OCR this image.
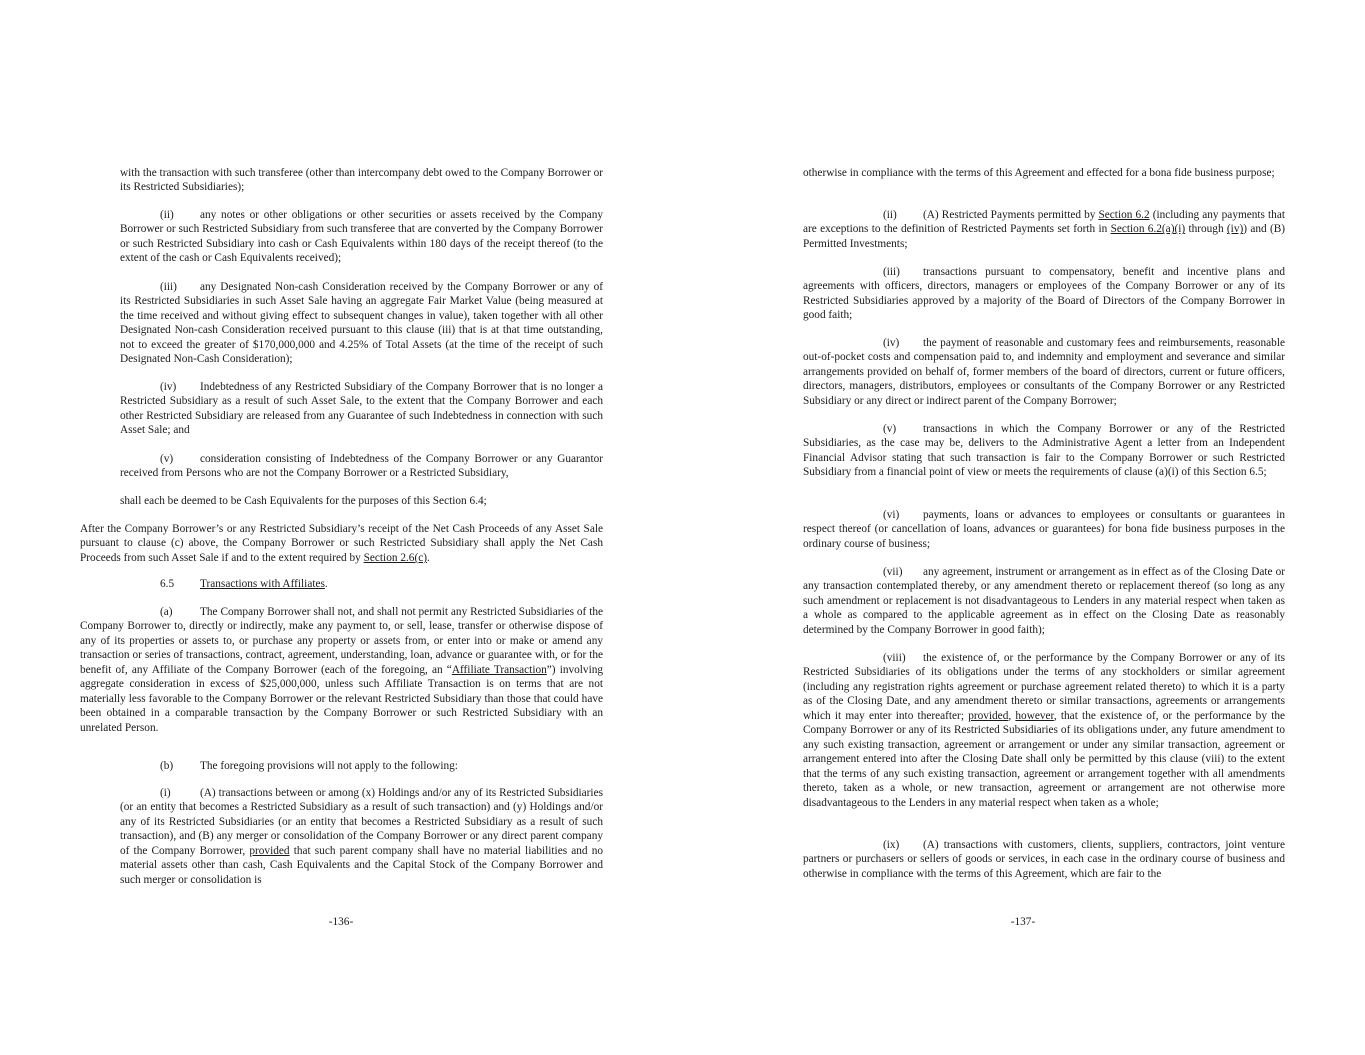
with the transaction with such transferee (other than intercompany debt owed to the Company Borrower or its Restricted Subsidiaries);

(ii) any notes or other obligations or other securities or assets received by the Company Borrower or such Restricted Subsidiary from such transferee that are converted by the Company Borrower or such Restricted Subsidiary into cash or Cash Equivalents within 180 days of the receipt thereof (to the extent of the cash or Cash Equivalents received);

(iii) any Designated Non-cash Consideration received by the Company Borrower or any of its Restricted Subsidiaries in such Asset Sale having an aggregate Fair Market Value (being measured at the time received and without giving effect to subsequent changes in value), taken together with all other Designated Non-cash Consideration received pursuant to this clause (iii) that is at that time outstanding, not to exceed the greater of $170,000,000 and 4.25% of Total Assets (at the time of the receipt of such Designated Non-Cash Consideration);

(iv) Indebtedness of any Restricted Subsidiary of the Company Borrower that is no longer a Restricted Subsidiary as a result of such Asset Sale, to the extent that the Company Borrower and each other Restricted Subsidiary are released from any Guarantee of such Indebtedness in connection with such Asset Sale; and

(v) consideration consisting of Indebtedness of the Company Borrower or any Guarantor received from Persons who are not the Company Borrower or a Restricted Subsidiary,

shall each be deemed to be Cash Equivalents for the purposes of this Section 6.4;

After the Company Borrower’s or any Restricted Subsidiary’s receipt of the Net Cash Proceeds of any Asset Sale pursuant to clause (c) above, the Company Borrower or such Restricted Subsidiary shall apply the Net Cash Proceeds from such Asset Sale if and to the extent required by Section 2.6(c).

6.5 Transactions with Affiliates.

(a) The Company Borrower shall not, and shall not permit any Restricted Subsidiaries of the Company Borrower to, directly or indirectly, make any payment to, or sell, lease, transfer or otherwise dispose of any of its properties or assets to, or purchase any property or assets from, or enter into or make or amend any transaction or series of transactions, contract, agreement, understanding, loan, advance or guarantee with, or for the benefit of, any Affiliate of the Company Borrower (each of the foregoing, an “Affiliate Transaction”) involving aggregate consideration in excess of $25,000,000, unless such Affiliate Transaction is on terms that are not materially less favorable to the Company Borrower or the relevant Restricted Subsidiary than those that could have been obtained in a comparable transaction by the Company Borrower or such Restricted Subsidiary with an unrelated Person.

(b) The foregoing provisions will not apply to the following:

(i)	(A) transactions between or among (x) Holdings and/or any of its Restricted Subsidiaries (or an entity that becomes a Restricted Subsidiary as a result of such transaction) and (y) Holdings and/or any of its Restricted Subsidiaries (or an entity that becomes a Restricted Subsidiary as a result of such transaction), and (B) any merger or consolidation of the Company Borrower or any direct parent company of the Company Borrower, provided that such parent company shall have no material liabilities and no material assets other than cash, Cash Equivalents and the Capital Stock of the Company Borrower and such merger or consolidation is

-136-

otherwise in compliance with the terms of this Agreement and effected for a bona fide business purpose;

(ii) (A) Restricted Payments permitted by Section 6.2 (including any payments that are exceptions to the definition of Restricted Payments set forth in Section 6.2(a)(i) through (iv)) and (B) Permitted Investments;

(iii) transactions pursuant to compensatory, benefit and incentive plans and agreements with officers, directors, managers or employees of the Company Borrower or any of its Restricted Subsidiaries approved by a majority of the Board of Directors of the Company Borrower in good faith;

(iv) the payment of reasonable and customary fees and reimbursements, reasonable out-of-pocket costs and compensation paid to, and indemnity and employment and severance and similar arrangements provided on behalf of, former members of the board of directors, current or future officers, directors, managers, distributors, employees or consultants of the Company Borrower or any Restricted Subsidiary or any direct or indirect parent of the Company Borrower;

(v) transactions in which the Company Borrower or any of the Restricted Subsidiaries, as the case may be, delivers to the Administrative Agent a letter from an Independent Financial Advisor stating that such transaction is fair to the Company Borrower or such Restricted Subsidiary from a financial point of view or meets the requirements of clause (a)(i) of this Section 6.5;

(vi) payments, loans or advances to employees or consultants or guarantees in respect thereof (or cancellation of loans, advances or guarantees) for bona fide business purposes in the ordinary course of business;

(vii) any agreement, instrument or arrangement as in effect as of the Closing Date or any transaction contemplated thereby, or any amendment thereto or replacement thereof (so long as any such amendment or replacement is not disadvantageous to Lenders in any material respect when taken as a whole as compared to the applicable agreement as in effect on the Closing Date as reasonably determined by the Company Borrower in good faith);

(viii) the existence of, or the performance by the Company Borrower or any of its Restricted Subsidiaries of its obligations under the terms of any stockholders or similar agreement (including any registration rights agreement or purchase agreement related thereto) to which it is a party as of the Closing Date, and any amendment thereto or similar transactions, agreements or arrangements which it may enter into thereafter; provided, however, that the existence of, or the performance by the Company Borrower or any of its Restricted Subsidiaries of its obligations under, any future amendment to any such existing transaction, agreement or arrangement or under any similar transaction, agreement or arrangement entered into after the Closing Date shall only be permitted by this clause (viii) to the extent that the terms of any such existing transaction, agreement or arrangement together with all amendments thereto, taken as a whole, or new transaction, agreement or arrangement are not otherwise more disadvantageous to the Lenders in any material respect when taken as a whole;

(ix) (A) transactions with customers, clients, suppliers, contractors, joint venture partners or purchasers or sellers of goods or services, in each case in the ordinary course of business and otherwise in compliance with the terms of this Agreement, which are fair to the

-137-
